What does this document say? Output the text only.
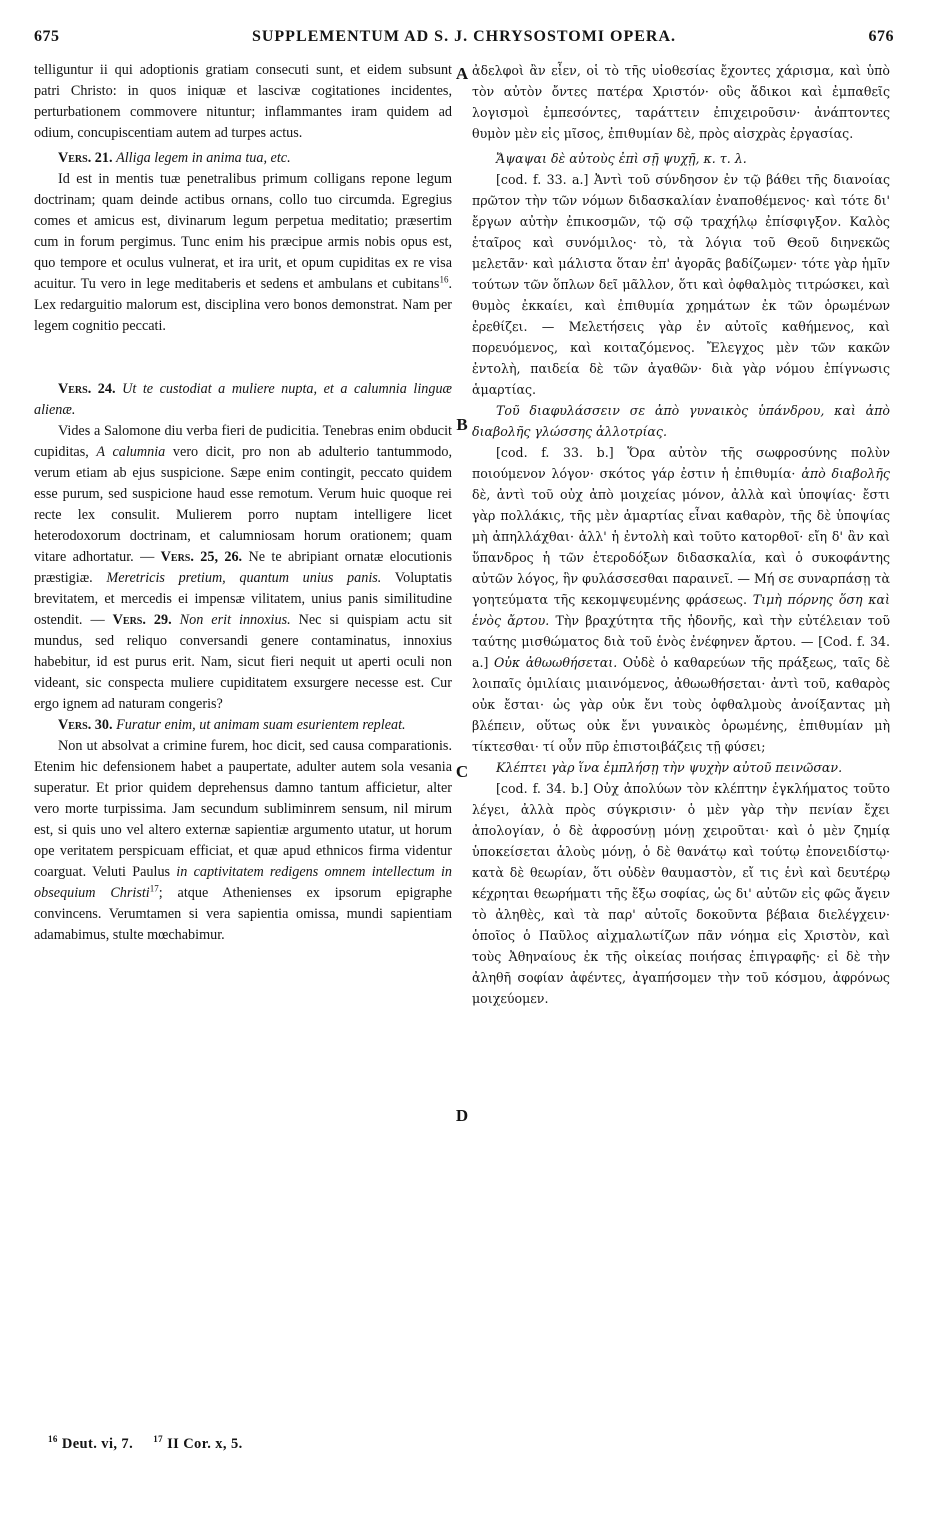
675	SUPPLEMENTUM AD S. J. CHRYSOSTOMI OPERA.	676

telliguntur ii qui adoptionis gratiam consecuti sunt, et eidem subsunt patri Christo: in quos iniquæ et lascivæ cogitationes incidentes, perturbationem commovere nituntur; inflammantes iram quidem ad odium, concupiscentiam autem ad turpes actus.

Vers. 21. Alliga legem in anima tua, etc.

Id est in mentis tuæ penetralibus primum colligans repone legum doctrinam; quam deinde actibus ornans, collo tuo circumda. Egregius comes et amicus est, divinarum legum perpetua meditatio; præsertim cum in forum pergimus. Tunc enim his præcipue armis nobis opus est, quo tempore et oculus vulnerat, et ira urit, et opum cupiditas ex re visa acuitur. Tu vero in lege meditaberis et sedens et ambulans et cubitans$^{16}$. Lex redarguitio malorum est, disciplina vero bonos demonstrat. Nam per legem cognitio peccati.

Vers. 24. Ut te custodiat a muliere nupta, et a calumnia linguæ alienæ.

Vides a Salomone diu verba fieri de pudicitia. Tenebras enim obducit cupiditas, A calumnia vero dicit, pro non ab adulterio tantummodo, verum etiam ab ejus suspicione. Sæpe enim contingit, peccato quidem esse purum, sed suspicione haud esse remotum. Verum huic quoque rei recte lex consulit. Mulierem porro nuptam intelligere licet heterodoxorum doctrinam, et calumniosam horum orationem; quam vitare adhortatur. — Vers. 25, 26. Ne te abripiant ornatæ elocutionis præstigiæ. Meretricis pretium, quantum unius panis. Voluptatis brevitatem, et mercedis ei impensæ vilitatem, unius panis similitudine ostendit. — Vers. 29. Non erit innoxius. Nec si quispiam actu sit mundus, sed reliquo conversandi genere contaminatus, innoxius habebitur, id est purus erit. Nam, sicut fieri nequit ut aperti oculi non videant, sic conspecta muliere cupiditatem exsurgere necesse est. Cur ergo ignem ad naturam congeris?

Vers. 30. Furatur enim, ut animam suam esurientem repleat.

Non ut absolvat a crimine furem, hoc dicit, sed causa comparationis. Etenim hic defensionem habet a paupertate, adulter autem sola vesania superatur. Et prior quidem deprehensus damno tantum afficietur, alter vero morte turpissima. Jam secundum subliminrem sensum, nil mirum est, si quis uno vel altero externæ sapientiæ argumento utatur, ut horum ope veritatem perspicuam efficiat, et quæ apud ethnicos firma videntur coarguat. Veluti Paulus in captivitatem redigens omnem intellectum in obsequium Christi$^{17}$; atque Athenienses ex ipsorum epigraphe convincens. Verumtamen si vera sapientia omissa, mundi sapientiam adamabimus, stulte mœchabimur.

A
B
C
D

ἀδελφοὶ ἂν εἶεν, οἱ τὸ τῆς υἱοθεσίας ἔχοντες χάρισμα, καὶ ὑπὸ τὸν αὐτὸν ὄντες πατέρα Χριστόν· οὓς ἄδικοι καὶ ἐμπαθεῖς λογισμοὶ ἐμπεσόντες, ταράττειν ἐπιχειροῦσιν· ἀνάπτοντες θυμὸν μὲν εἰς μῖσος, ἐπιθυμίαν δὲ, πρὸς αἰσχρὰς ἐργασίας.

Ἄψαψαι δὲ αὐτοὺς ἐπὶ σῇ ψυχῇ, κ. τ. λ.

[cod. f. 33. a.] Ἀντὶ τοῦ σύνδησον ἐν τῷ βάθει τῆς διανοίας πρῶτον τὴν τῶν νόμων διδασκαλίαν ἐναποθέμενος· καὶ τότε δι' ἔργων αὐτὴν ἐπικοσμῶν, τῷ σῷ τραχήλῳ ἐπίσφιγξον. Καλὸς ἑταῖρος καὶ συνόμιλος· τὸ, τὰ λόγια τοῦ Θεοῦ διηνεκῶς μελετᾶν· καὶ μάλιστα ὅταν ἐπ' ἀγορᾶς βαδίζωμεν· τότε γὰρ ἡμῖν τούτων τῶν ὅπλων δεῖ μᾶλλον, ὅτι καὶ ὀφθαλμὸς τιτρώσκει, καὶ θυμὸς ἐκκαίει, καὶ ἐπιθυμία χρημάτων ἐκ τῶν ὁρωμένων ἐρεθίζει. — Μελετήσεις γὰρ ἐν αὐτοῖς καθήμενος, καὶ πορευόμενος, καὶ κοιταζόμενος. Ἔλεγχος μὲν τῶν κακῶν ἐντολὴ, παιδεία δὲ τῶν ἀγαθῶν· διὰ γὰρ νόμου ἐπίγνωσις ἁμαρτίας.

Τοῦ διαφυλάσσειν σε ἀπὸ γυναικὸς ὑπάνδρου, καὶ ἀπὸ διαβολῆς γλώσσης ἀλλοτρίας.

[cod. f. 33. b.] Ὅρα αὐτὸν τῆς σωφροσύνης πολὺν ποιούμενον λόγον· σκότος γάρ ἐστιν ἡ ἐπιθυμία· ἀπὸ διαβολῆς δὲ, ἀντὶ τοῦ οὐχ ἀπὸ μοιχείας μόνον, ἀλλὰ καὶ ὑποψίας· ἔστι γὰρ πολλάκις, τῆς μὲν ἁμαρτίας εἶναι καθαρὸν, τῆς δὲ ὑποψίας μὴ ἀπηλλάχθαι· ἀλλ' ἡ ἐντολὴ καὶ τοῦτο κατορθοῖ· εἴη δ' ἂν καὶ ὕπανδρος ἡ τῶν ἑτεροδόξων διδασκαλία, καὶ ὁ συκοφάντης αὐτῶν λόγος, ἣν φυλάσσεσθαι παραινεῖ. — Μή σε συναρπάσῃ τὰ γοητεύματα τῆς κεκομψευμένης φράσεως. Τιμὴ πόρνης ὅση καὶ ἑνὸς ἄρτου. Τὴν βραχύτητα τῆς ἡδονῆς, καὶ τὴν εὐτέλειαν τοῦ ταύτης μισθώματος διὰ τοῦ ἑνὸς ἐνέφηνεν ἄρτου. — [Cod. f. 34. a.] Οὐκ ἀθωωθήσεται. Οὐδὲ ὁ καθαρεύων τῆς πράξεως, ταῖς δὲ λοιπαῖς ὁμιλίαις μιαινόμενος, ἀθωωθήσεται· ἀντὶ τοῦ, καθαρὸς οὐκ ἔσται· ὡς γὰρ οὐκ ἔνι τοὺς ὀφθαλμοὺς ἀνοίξαντας μὴ βλέπειν, οὕτως οὐκ ἔνι γυναικὸς ὁρωμένης, ἐπιθυμίαν μὴ τίκτεσθαι· τί οὖν πῦρ ἐπιστοιβάζεις τῇ φύσει;

Κλέπτει γὰρ ἵνα ἐμπλήσῃ τὴν ψυχὴν αὐτοῦ πεινῶσαν.

[cod. f. 34. b.] Οὐχ ἀπολύων τὸν κλέπτην ἐγκλήματος τοῦτο λέγει, ἀλλὰ πρὸς σύγκρισιν· ὁ μὲν γὰρ τὴν πενίαν ἔχει ἀπολογίαν, ὁ δὲ ἀφροσύνῃ μόνῃ χειροῦται· καὶ ὁ μὲν ζημίᾳ ὑποκείσεται ἁλοὺς μόνῃ, ὁ δὲ θανάτῳ καὶ τούτῳ ἐπονειδίστῳ· κατὰ δὲ θεωρίαν, ὅτι οὐδὲν θαυμαστὸν, εἴ τις ἑνὶ καὶ δευτέρῳ κέχρηται θεωρήματι τῆς ἔξω σοφίας, ὡς δι' αὐτῶν εἰς φῶς ἄγειν τὸ ἀληθὲς, καὶ τὰ παρ' αὐτοῖς δοκοῦντα βέβαια διελέγχειν· ὁποῖος ὁ Παῦλος αἰχμαλωτίζων πᾶν νόημα εἰς Χριστὸν, καὶ τοὺς Ἀθηναίους ἐκ τῆς οἰκείας ποιήσας ἐπιγραφῆς· εἰ δὲ τὴν ἀληθῆ σοφίαν ἀφέντες, ἀγαπήσομεν τὴν τοῦ κόσμου, ἀφρόνως μοιχεύομεν.

$^{16}$ Deut. vi, 7. $^{17}$ II Cor. x, 5.
